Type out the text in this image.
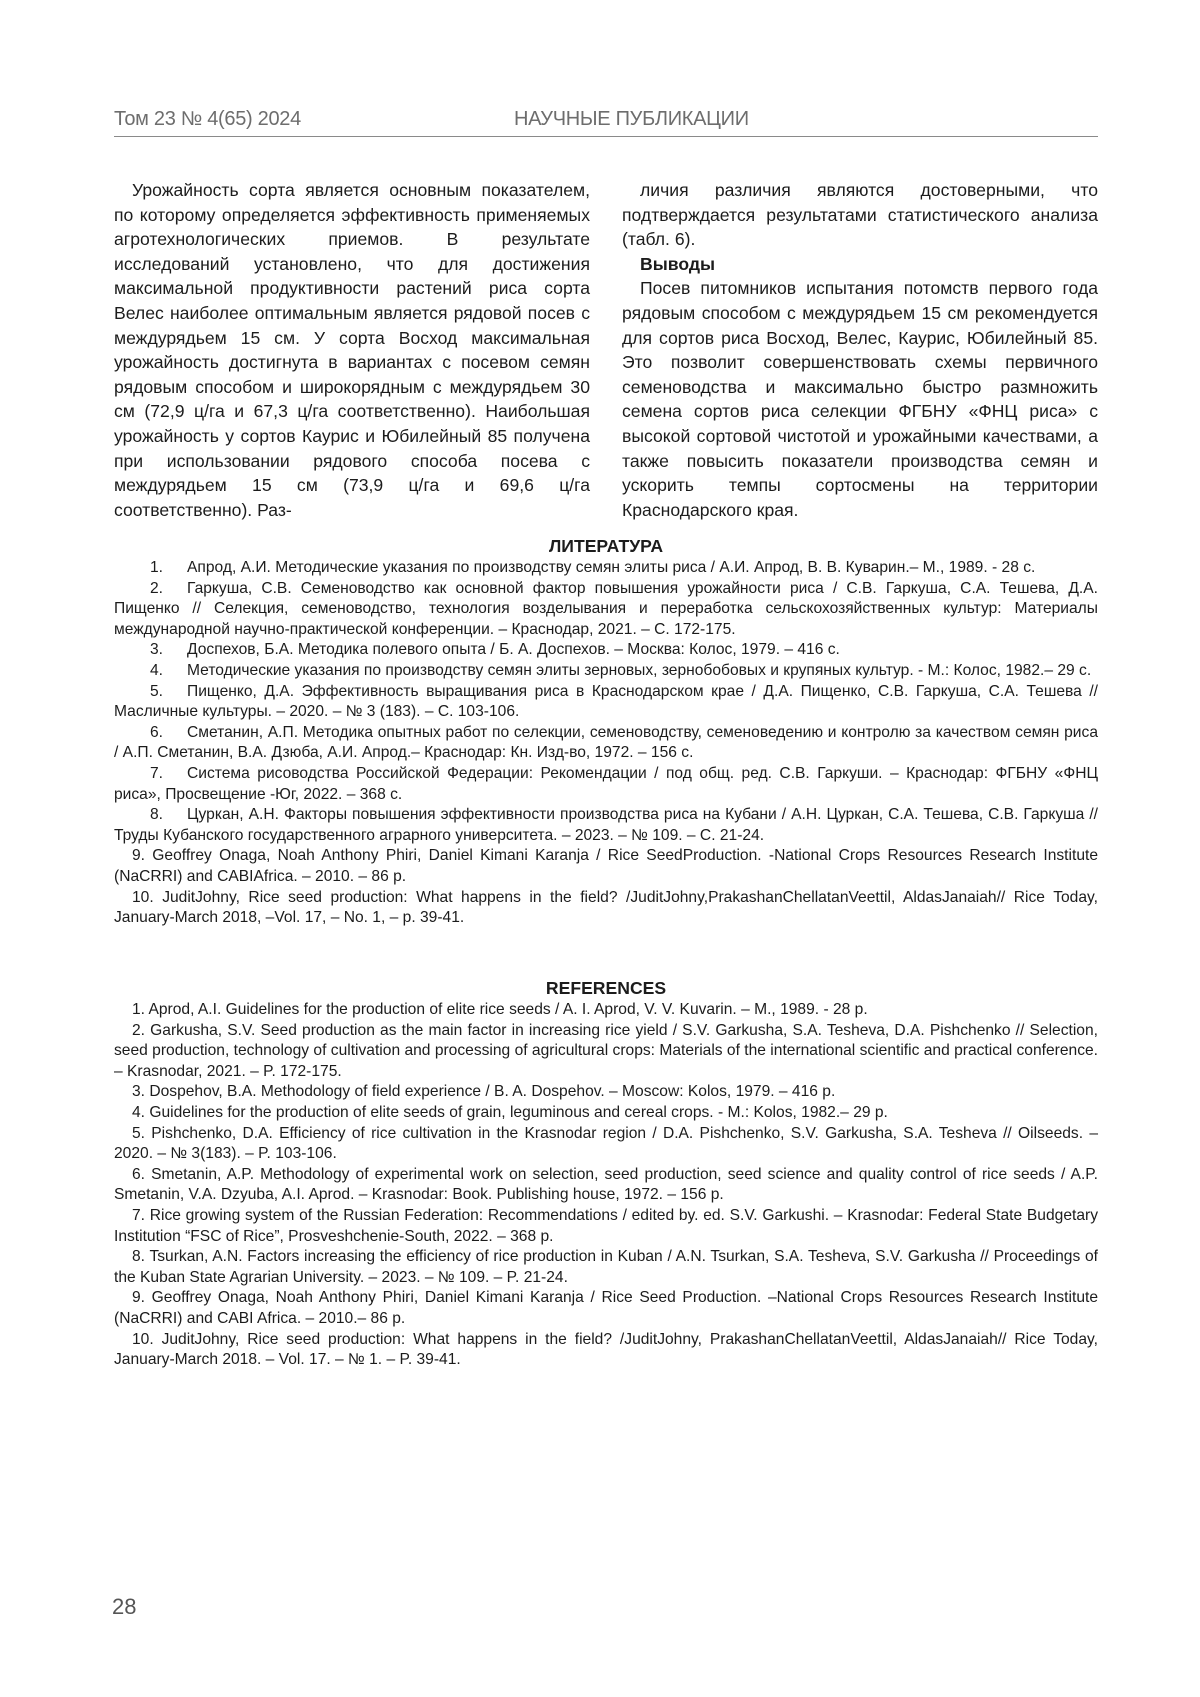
Том 23 № 4(65) 2024	НАУЧНЫЕ ПУБЛИКАЦИИ

Урожайность сорта является основным показателем, по которому определяется эффективность применяемых агротехнологических приемов. В результате исследований установлено, что для достижения максимальной продуктивности растений риса сорта Велес наиболее оптимальным является рядовой посев с междурядьем 15 см. У сорта Восход максимальная урожайность достигнута в вариантах с посевом семян рядовым способом и широкорядным с междурядьем 30 см (72,9 ц/га и 67,3 ц/га соответственно). Наибольшая урожайность у сортов Каурис и Юбилейный 85 получена при использовании рядового способа посева с междурядьем 15 см (73,9 ц/га и 69,6 ц/га соответственно). Раз-

личия различия являются достоверными, что подтверждается результатами статистического анализа (табл. 6).

Выводы

Посев питомников испытания потомств первого года рядовым способом с междурядьем 15 см рекомендуется для сортов риса Восход, Велес, Каурис, Юбилейный 85. Это позволит совершенствовать схемы первичного семеноводства и максимально быстро размножить семена сортов риса селекции ФГБНУ «ФНЦ риса» с высокой сортовой чистотой и урожайными качествами, а также повысить показатели производства семян и ускорить темпы сортосмены на территории Краснодарского края.

ЛИТЕРАТУРА

1. Апрод, А.И. Методические указания по производству семян элиты риса / А.И. Апрод, В. В. Куварин.– М., 1989. - 28 с.

2. Гаркуша, С.В. Семеноводство как основной фактор повышения урожайности риса / С.В. Гаркуша, С.А. Тешева, Д.А. Пищенко // Селекция, семеноводство, технология возделывания и переработка сельскохозяйственных культур: Материалы международной научно-практической конференции. – Краснодар, 2021. – С. 172-175.

3. Доспехов, Б.А. Методика полевого опыта / Б. А. Доспехов. – Москва: Колос, 1979. – 416 с.

4. Методические указания по производству семян элиты зерновых, зернобобовых и крупяных культур. - М.: Колос, 1982.– 29 с.

5. Пищенко, Д.А. Эффективность выращивания риса в Краснодарском крае / Д.А. Пищенко, С.В. Гаркуша, С.А. Тешева // Масличные культуры. – 2020. – № 3 (183). – С. 103-106.

6. Сметанин, А.П. Методика опытных работ по селекции, семеноводству, семеноведению и контролю за качеством семян риса / А.П. Сметанин, В.А. Дзюба, А.И. Апрод.– Краснодар: Кн. Изд-во, 1972. – 156 с.

7. Система рисоводства Российской Федерации: Рекомендации / под общ. ред. С.В. Гаркуши. – Краснодар: ФГБНУ «ФНЦ риса», Просвещение -Юг, 2022. – 368 с.

8. Цуркан, А.Н. Факторы повышения эффективности производства риса на Кубани / А.Н. Цуркан, С.А. Тешева, С.В. Гаркуша // Труды Кубанского государственного аграрного университета. – 2023. – № 109. – С. 21-24.

9. Geoffrey Onaga, Noah Anthony Phiri, Daniel Kimani Karanja / Rice SeedProduction. -National Crops Resources Research Institute (NaCRRI) and CABIAfrica. – 2010. – 86 p.

10. JuditJohny, Rice seed production: What happens in the field? /JuditJohny,PrakashanChellatanVeettil, AldasJanaiah// Rice Today, January-March 2018, –Vol. 17, – No. 1, – p. 39-41.

REFERENCES

1. Aprod, A.I. Guidelines for the production of elite rice seeds / A. I. Aprod, V. V. Kuvarin. – M., 1989. - 28 p.

2. Garkusha, S.V. Seed production as the main factor in increasing rice yield / S.V. Garkusha, S.A. Tesheva, D.A. Pishchenko // Selection, seed production, technology of cultivation and processing of agricultural crops: Materials of the international scientific and practical conference. – Krasnodar, 2021. – P. 172-175.

3. Dospehov, B.A. Methodology of field experience / B. A. Dospehov. – Moscow: Kolos, 1979. – 416 p.

4. Guidelines for the production of elite seeds of grain, leguminous and cereal crops. - M.: Kolos, 1982.– 29 p.

5. Pishchenko, D.A. Efficiency of rice cultivation in the Krasnodar region / D.A. Pishchenko, S.V. Garkusha, S.A. Tesheva // Oilseeds. – 2020. – № 3(183). – P. 103-106.

6. Smetanin, A.P. Methodology of experimental work on selection, seed production, seed science and quality control of rice seeds / A.P. Smetanin, V.A. Dzyuba, A.I. Aprod. – Krasnodar: Book. Publishing house, 1972. – 156 p.

7. Rice growing system of the Russian Federation: Recommendations / edited by. ed. S.V. Garkushi. – Krasnodar: Federal State Budgetary Institution “FSC of Rice”, Prosveshchenie-South, 2022. – 368 p.

8. Tsurkan, A.N. Factors increasing the efficiency of rice production in Kuban / A.N. Tsurkan, S.A. Tesheva, S.V. Garkusha // Proceedings of the Kuban State Agrarian University. – 2023. – № 109. – P. 21-24.

9. Geoffrey Onaga, Noah Anthony Phiri, Daniel Kimani Karanja / Rice Seed Production. –National Crops Resources Research Institute (NaCRRI) and CABI Africa. – 2010.– 86 p.

10. JuditJohny, Rice seed production: What happens in the field? /JuditJohny, PrakashanChellatanVeettil, AldasJanaiah// Rice Today, January-March 2018. – Vol. 17. – № 1. – P. 39-41.

28
